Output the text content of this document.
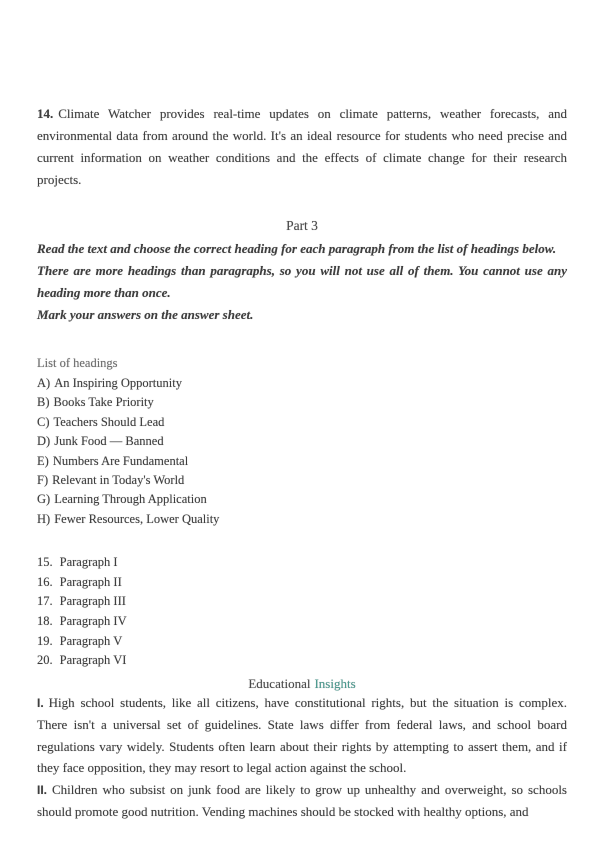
14. Climate Watcher provides real-time updates on climate patterns, weather forecasts, and environmental data from around the world. It's an ideal resource for students who need precise and current information on weather conditions and the effects of climate change for their research projects.

Part 3

Read the text and choose the correct heading for each paragraph from the list of headings below.

There are more headings than paragraphs, so you will not use all of them. You cannot use any heading more than once.

Mark your answers on the answer sheet.

List of headings

A) An Inspiring Opportunity

B) Books Take Priority

C) Teachers Should Lead

D) Junk Food — Banned

E) Numbers Are Fundamental

F) Relevant in Today's World

G) Learning Through Application

H) Fewer Resources, Lower Quality

15. Paragraph I

16. Paragraph II

17. Paragraph III

18. Paragraph IV

19. Paragraph V

20. Paragraph VI

Educational Insights

I. High school students, like all citizens, have constitutional rights, but the situation is complex. There isn't a universal set of guidelines. State laws differ from federal laws, and school board regulations vary widely. Students often learn about their rights by attempting to assert them, and if they face opposition, they may resort to legal action against the school.

II. Children who subsist on junk food are likely to grow up unhealthy and overweight, so schools should promote good nutrition. Vending machines should be stocked with healthy options, and
